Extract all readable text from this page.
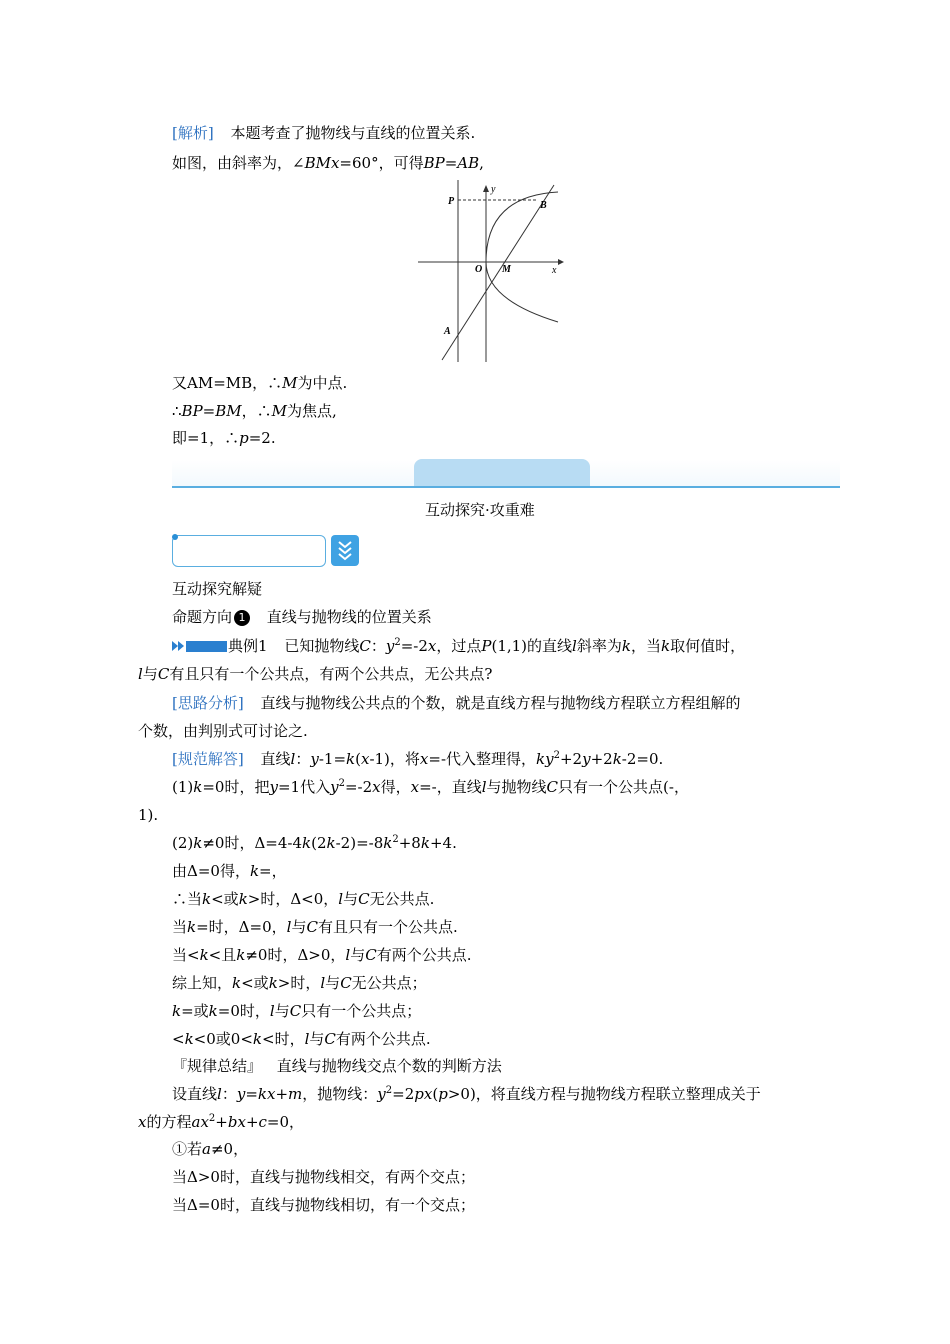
[解析] 本题考查了抛物线与直线的位置关系.
如图，由斜率为，∠BMx=60°，可得BP=AB,
P
y
B
O M	x
A
又AM=MB，∴M为中点.
∴BP=BM，∴M为焦点,
即=1，∴p=2.
互动探究·攻重难
互动探究解疑
命题方向 1 直线与抛物线的位置关系
典例1 已知抛物线C：$y^2=-2x$，过点P(1,1)的直线l斜率为k，当k取何值时，
l与C有且只有一个公共点，有两个公共点，无公共点?
[思路分析] 直线与抛物线公共点的个数，就是直线方程与抛物线方程联立方程组解的
个数，由判别式可讨论之.
[规范解答] 直线l：y-1=k(x-1)，将x=-代入整理得，$ky^2+2y+2k-2=0$.
(1)k=0时，把y=1代入$y^2=-2x$得，x=-，直线l与抛物线C只有一个公共点(-，
1).
(2)k≠0时，$\Delta=4-4k(2k-2)=-8k^2+8k+4$.
由Δ=0得，k=，
∴当k<或k>时，Δ<0，l与C无公共点.
当k=时，Δ=0，l与C有且只有一个公共点.
当<k<且k≠0时，Δ>0，l与C有两个公共点.
综上知，k<或k>时，l与C无公共点；
k=或k=0时，l与C只有一个公共点；
<k<0或0<k<时，l与C有两个公共点.
『规律总结』 直线与抛物线交点个数的判断方法
设直线l：y=kx+m，抛物线：$y^2=2px(p>0)$，将直线方程与抛物线方程联立整理成关于
x的方程$ax^2+bx+c=0$，
①若a≠0，
当Δ>0时，直线与抛物线相交，有两个交点；
当Δ=0时，直线与抛物线相切，有一个交点；
